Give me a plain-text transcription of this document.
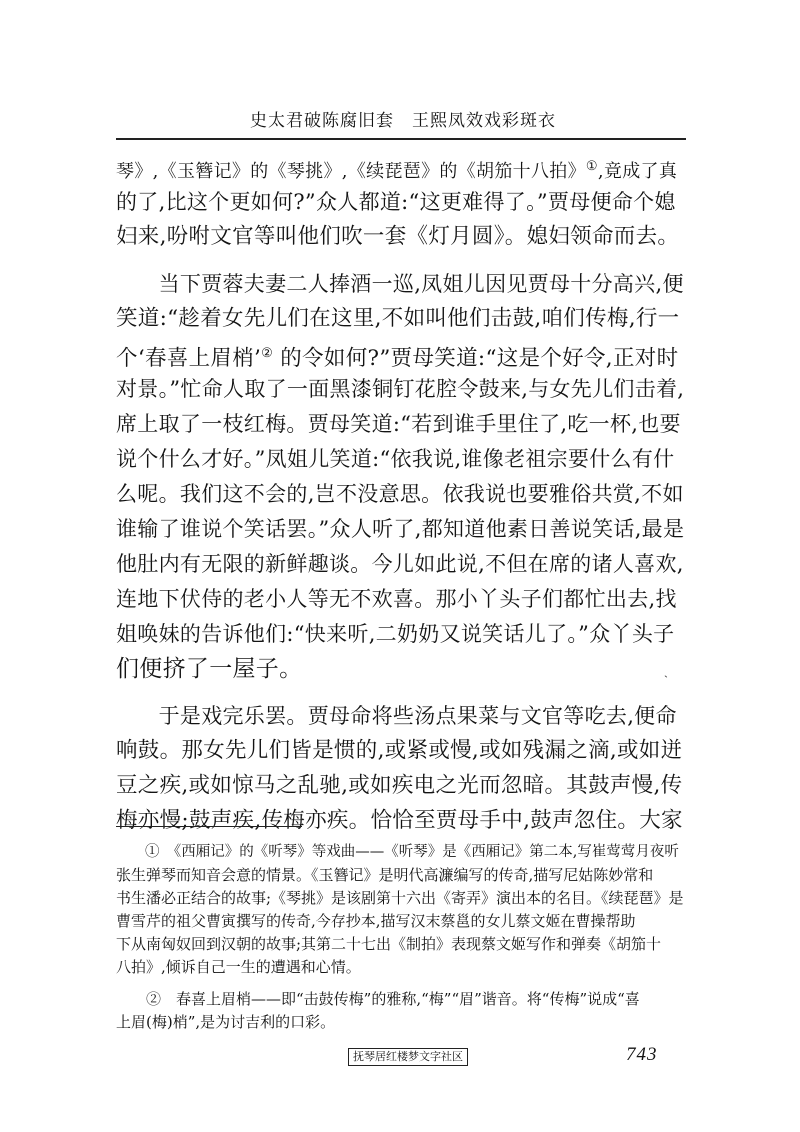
史太君破陈腐旧套　王熙凤效戏彩斑衣
琴》,《玉簪记》的《琴挑》,《续琵琶》的《胡笳十八拍》①,竟成了真
的了,比这个更如何?”众人都道:“这更难得了。”贾母便命个媳
妇来,吩咐文官等叫他们吹一套《灯月圆》。媳妇领命而去。
　　当下贾蓉夫妻二人捧酒一巡,凤姐儿因见贾母十分高兴,便
笑道:“趁着女先儿们在这里,不如叫他们击鼓,咱们传梅,行一
个‘春喜上眉梢’② 的令如何?”贾母笑道:“这是个好令,正对时
对景。”忙命人取了一面黑漆铜钉花腔令鼓来,与女先儿们击着,
席上取了一枝红梅。贾母笑道:“若到谁手里住了,吃一杯,也要
说个什么才好。”凤姐儿笑道:“依我说,谁像老祖宗要什么有什
么呢。我们这不会的,岂不没意思。依我说也要雅俗共赏,不如
谁输了谁说个笑话罢。”众人听了,都知道他素日善说笑话,最是
他肚内有无限的新鲜趣谈。今儿如此说,不但在席的诸人喜欢,
连地下伏侍的老小人等无不欢喜。那小丫头子们都忙出去,找
姐唤妹的告诉他们:“快来听,二奶奶又说笑话儿了。”众丫头子
们便挤了一屋子。
　　于是戏完乐罢。贾母命将些汤点果菜与文官等吃去,便命
响鼓。那女先儿们皆是惯的,或紧或慢,或如残漏之滴,或如迸
豆之疾,或如惊马之乱驰,或如疾电之光而忽暗。其鼓声慢,传
梅亦慢;鼓声疾,传梅亦疾。恰恰至贾母手中,鼓声忽住。大家
ˎ
　　①　《西厢记》的《听琴》等戏曲——《听琴》是《西厢记》第二本,写崔莺莺月夜听
张生弹琴而知音会意的情景。《玉簪记》是明代高濂编写的传奇,描写尼姑陈妙常和
书生潘必正结合的故事;《琴挑》是该剧第十六出《寄弄》演出本的名目。《续琵琶》是
曹雪芹的祖父曹寅撰写的传奇,今存抄本,描写汉末蔡邕的女儿蔡文姬在曹操帮助
下从南匈奴回到汉朝的故事;其第二十七出《制拍》表现蔡文姬写作和弹奏《胡笳十
八拍》,倾诉自己一生的遭遇和心情。
　　②　春喜上眉梢——即“击鼓传梅”的雅称,“梅”“眉”谐音。将“传梅”说成“喜
上眉(梅)梢”,是为讨吉利的口彩。
抚琴居红楼梦文字社区	743
